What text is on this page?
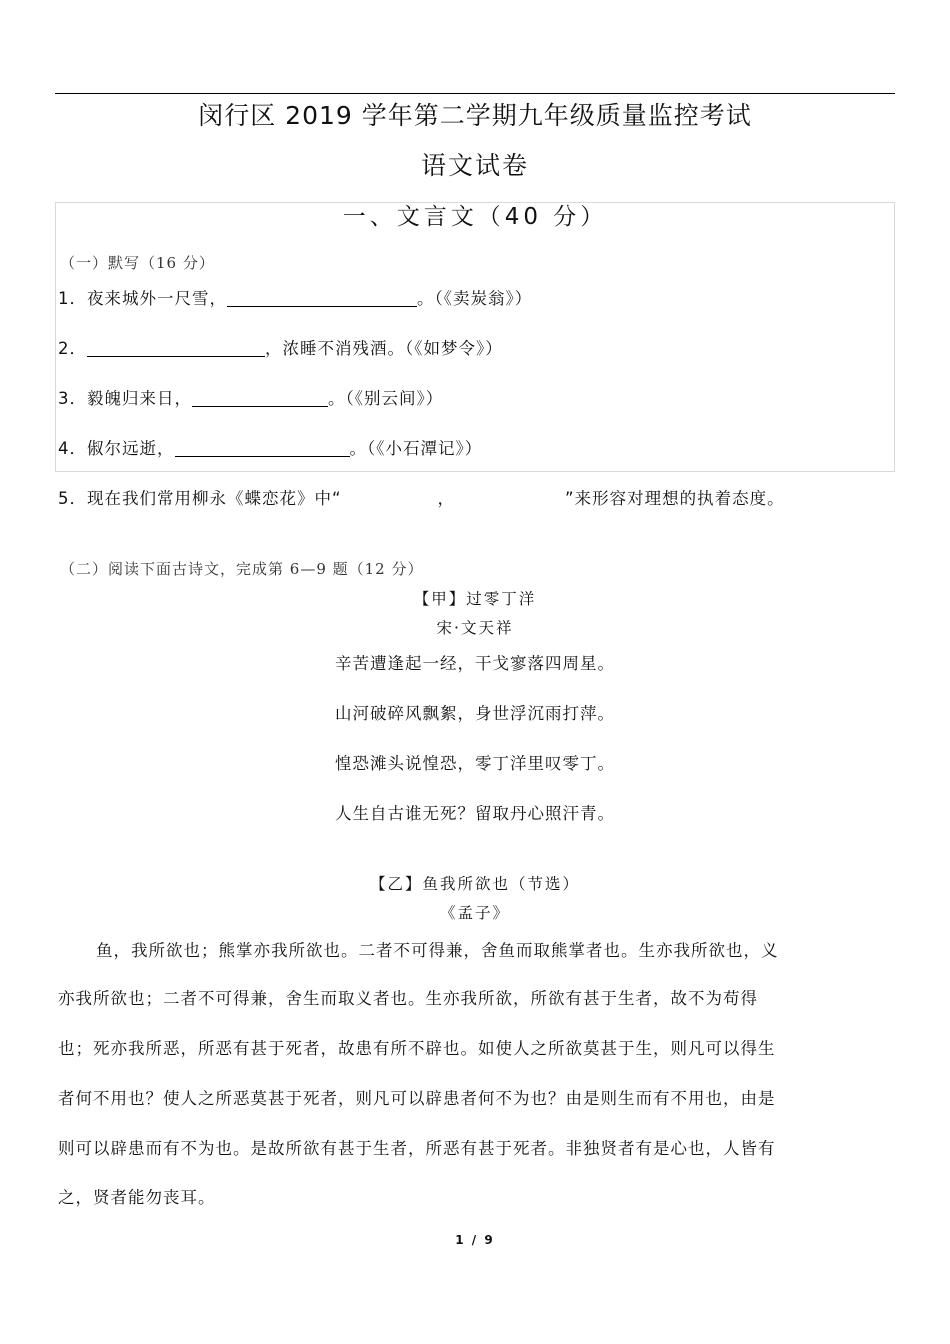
闵行区 2019 学年第二学期九年级质量监控考试
语文试卷
一、文言文（40 分）
（一）默写（16 分）
1．夜来城外一尺雪，	。（《卖炭翁》）
2．	，浓睡不消残酒。（《如梦令》）
3．毅魄归来日，	。（《别云间》）
4．俶尔远逝，	。（《小石潭记》）
5．现在我们常用柳永《蝶恋花》中“	，	”来形容对理想的执着态度。
（二）阅读下面古诗文，完成第 6—9 题（12 分）
【甲】过零丁洋
宋·文天祥
辛苦遭逢起一经，干戈寥落四周星。
山河破碎风飘絮，身世浮沉雨打萍。
惶恐滩头说惶恐，零丁洋里叹零丁。
人生自古谁无死？留取丹心照汗青。
【乙】鱼我所欲也（节选）
《孟子》
鱼，我所欲也；熊掌亦我所欲也。二者不可得兼，舍鱼而取熊掌者也。生亦我所欲也，义
亦我所欲也；二者不可得兼，舍生而取义者也。生亦我所欲，所欲有甚于生者，故不为苟得
也；死亦我所恶，所恶有甚于死者，故患有所不辟也。如使人之所欲莫甚于生，则凡可以得生
者何不用也？使人之所恶莫甚于死者，则凡可以辟患者何不为也？由是则生而有不用也，由是
则可以辟患而有不为也。是故所欲有甚于生者，所恶有甚于死者。非独贤者有是心也，人皆有
之，贤者能勿丧耳。
1 / 9
